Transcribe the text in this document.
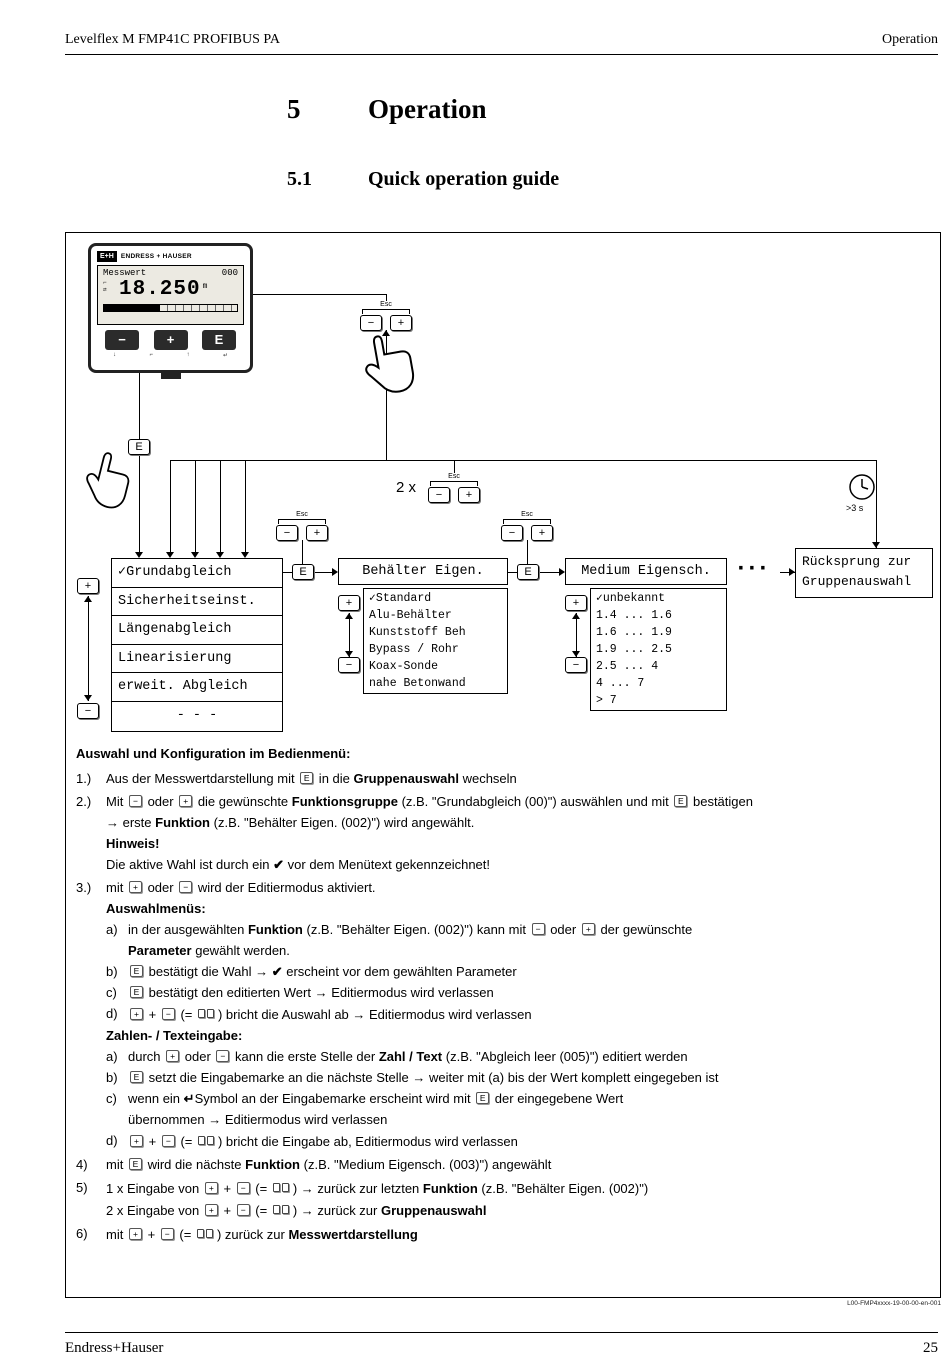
Levelflex M FMP41C PROFIBUS PA	Operation
5	Operation
5.1	Quick operation guide
E+H	ENDRESS + HAUSER
Messwert	000
⌐
⇄ 18.250 m
−	+	E
↓	⌐	↑	↵
Esc
−	+
Esc
−	+
Esc
−	+
2 x
Esc
−	+
E
+
−
E	E
+
−
+
−
✓Grundabgleich
Sicherheitseinst.
Längenabgleich
Linearisierung
erweit. Abgleich
- - -
Behälter Eigen.
✓Standard
Alu-Behälter
Kunststoff Beh
Bypass / Rohr
Koax-Sonde
nahe Betonwand
Medium Eigensch.
✓unbekannt
1.4 ... 1.6
1.6 ... 1.9
1.9 ... 2.5
2.5 ... 4
4 ... 7
> 7
···	Rücksprung zur
Gruppenauswahl
>3 s
Auswahl und Konfiguration im Bedienmenü:
1.) Aus der Messwertdarstellung mit E in die Gruppenauswahl wechseln
2.) Mit − oder + die gewünschte Funktionsgruppe (z.B. "Grundabgleich (00)") auswählen und mit E bestätigen
→ erste Funktion (z.B. "Behälter Eigen. (002)") wird angewählt.
Hinweis!
Die aktive Wahl ist durch ein ✔ vor dem Menütext gekennzeichnet!
3.) mit + oder − wird der Editiermodus aktiviert.
Auswahlmenüs:
a) in der ausgewählten Funktion (z.B. "Behälter Eigen. (002)") kann mit − oder + der gewünschte
Parameter gewählt werden.
b) E bestätigt die Wahl → ✔ erscheint vor dem gewählten Parameter
c) E bestätigt den editierten Wert → Editiermodus wird verlassen
d) + + − (= ) bricht die Auswahl ab → Editiermodus wird verlassen
Zahlen- / Texteingabe:
a) durch + oder − kann die erste Stelle der Zahl / Text (z.B. "Abgleich leer (005)") editiert werden
b) E setzt die Eingabemarke an die nächste Stelle → weiter mit (a) bis der Wert komplett eingegeben ist
c) wenn ein ↵Symbol an der Eingabemarke erscheint wird mit E der eingegebene Wert
übernommen → Editiermodus wird verlassen
d) + + − (= ) bricht die Eingabe ab, Editiermodus wird verlassen
4) mit E wird die nächste Funktion (z.B. "Medium Eigensch. (003)") angewählt
5) 1 x Eingabe von + + − (= ) → zurück zur letzten Funktion (z.B. "Behälter Eigen. (002)")
2 x Eingabe von + + − (= ) → zurück zur Gruppenauswahl
6) mit + + − (= ) zurück zur Messwertdarstellung
L00-FMP4xxxx-19-00-00-en-001
Endress+Hauser	25
